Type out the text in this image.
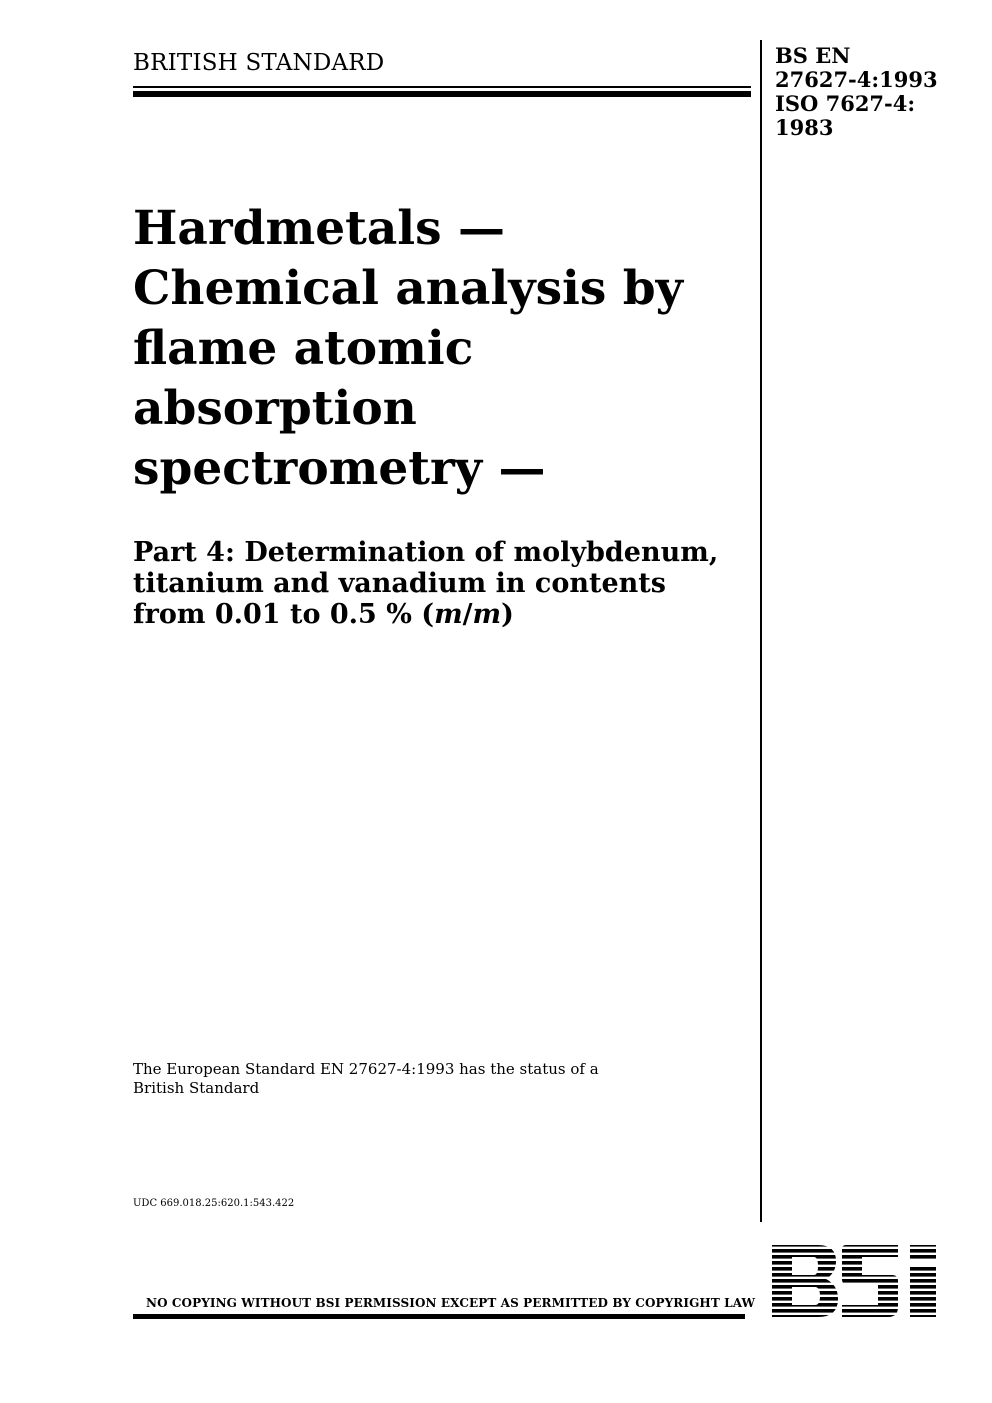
BRITISH STANDARD	BS EN
27627-4:1993
ISO 7627-4:
1983
Hardmetals —
Chemical analysis by
flame atomic
absorption
spectrometry —
Part 4: Determination of molybdenum,
titanium and vanadium in contents
from 0.01 to 0.5 % (m/m)
The European Standard EN 27627-4:1993 has the status of a
British Standard
UDC 669.018.25:620.1:543.422
NO COPYING WITHOUT BSI PERMISSION EXCEPT AS PERMITTED BY COPYRIGHT LAW
